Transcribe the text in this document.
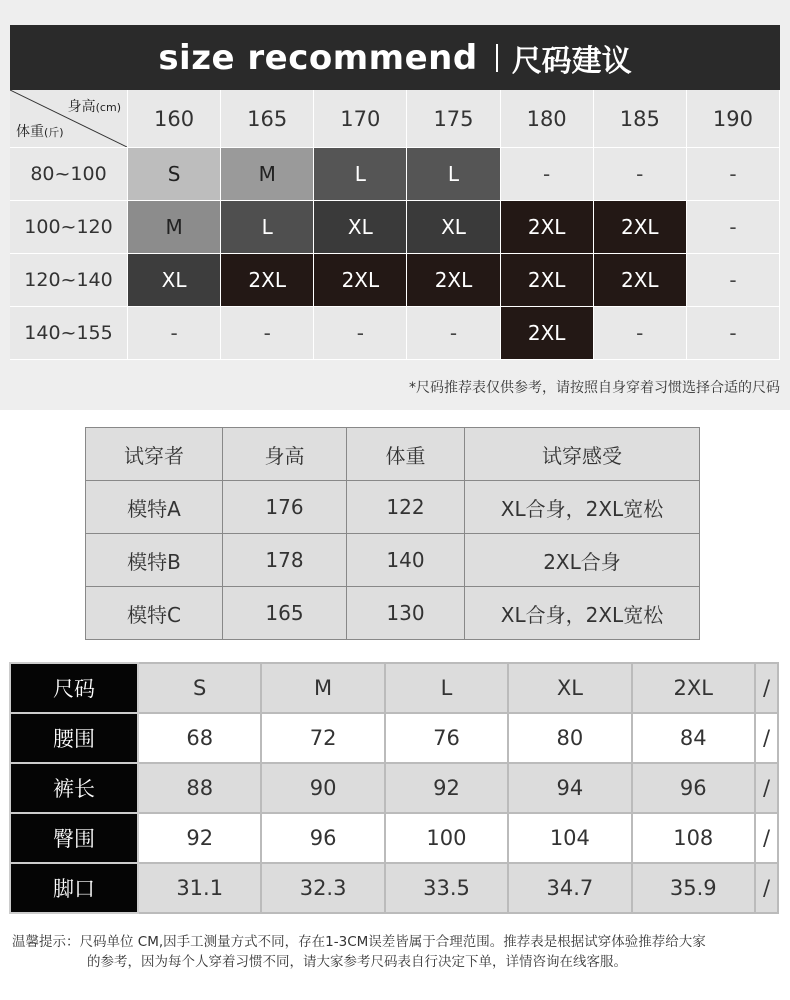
size recommend 尺码建议
身高(cm)
体重(斤)
160	165	170	175	180	185	190
80~100	S	M	L	L	-	-	-
100~120	M	L	XL	XL	2XL	2XL	-
120~140	XL	2XL	2XL	2XL	2XL	2XL	-
140~155	-	-	-	-	2XL	-	-
*尺码推荐表仅供参考，请按照自身穿着习惯选择合适的尺码
试穿者	身高	体重	试穿感受
模特A	176	122	XL合身，2XL宽松
模特B	178	140	2XL合身
模特C	165	130	XL合身，2XL宽松
尺码	S	M	L	XL	2XL	/
腰围	68	72	76	80	84	/
裤长	88	90	92	94	96	/
臀围	92	96	100	104	108	/
脚口	31.1	32.3	33.5	34.7	35.9	/
温馨提示：尺码单位 CM,因手工测量方式不同，存在1-3CM误差皆属于合理范围。推荐表是根据试穿体验推荐给大家
的参考，因为每个人穿着习惯不同，请大家参考尺码表自行决定下单，详情咨询在线客服。
